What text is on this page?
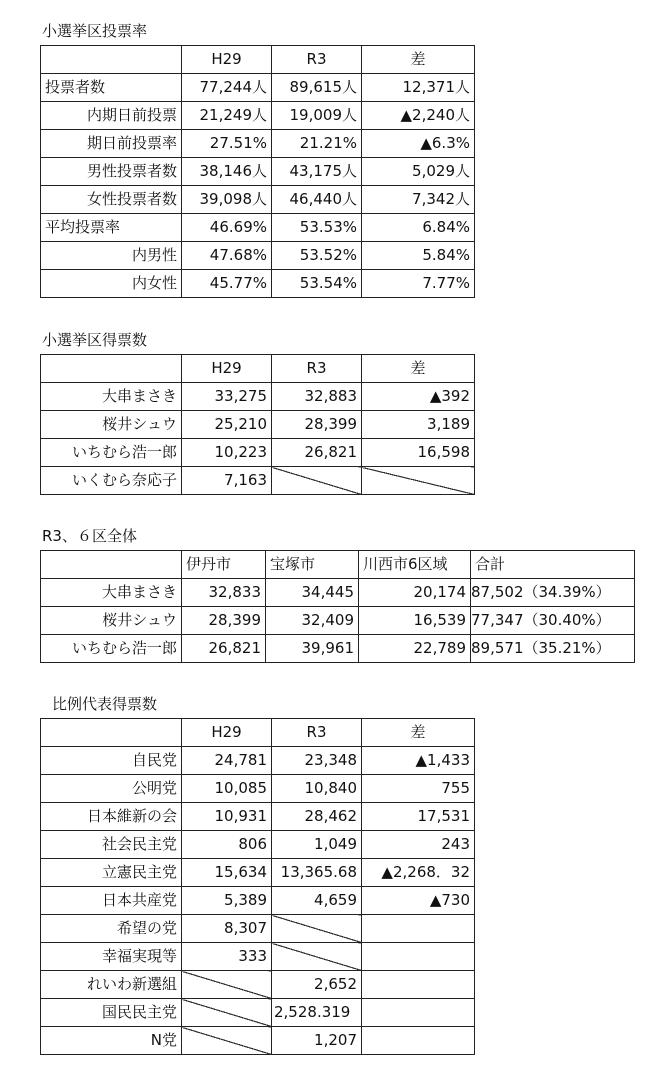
小選挙区投票率
	H29	R3	差
投票者数	77,244人	89,615人	12,371人
内期日前投票	21,249人	19,009人	▲2,240人
期日前投票率	27.51%	21.21%	▲6.3%
男性投票者数	38,146人	43,175人	5,029人
女性投票者数	39,098人	46,440人	7,342人
平均投票率	46.69%	53.53%	6.84%
内男性	47.68%	53.52%	5.84%
内女性	45.77%	53.54%	7.77%
小選挙区得票数
	H29	R3	差
大串まさき	33,275	32,883	▲392
桜井シュウ	25,210	28,399	3,189
いちむら浩一郎	10,223	26,821	16,598
いくむら奈応子	7,163		
R3、６区全体
	伊丹市	宝塚市	川西市6区域	合計
大串まさき	32,833	34,445	20,174	87,502（34.39%）
桜井シュウ	28,399	32,409	16,539	77,347（30.40%）
いちむら浩一郎	26,821	39,961	22,789	89,571（35.21%）
比例代表得票数
	H29	R3	差
自民党	24,781	23,348	▲1,433
公明党	10,085	10,840	755
日本維新の会	10,931	28,462	17,531
社会民主党	806	1,049	243
立憲民主党	15,634	13,365.68	▲2,268．32
日本共産党	5,389	4,659	▲730
希望の党	8,307		
幸福実現等	333		
れいわ新選組		2,652	
国民民主党		2,528.319	
N党		1,207	
